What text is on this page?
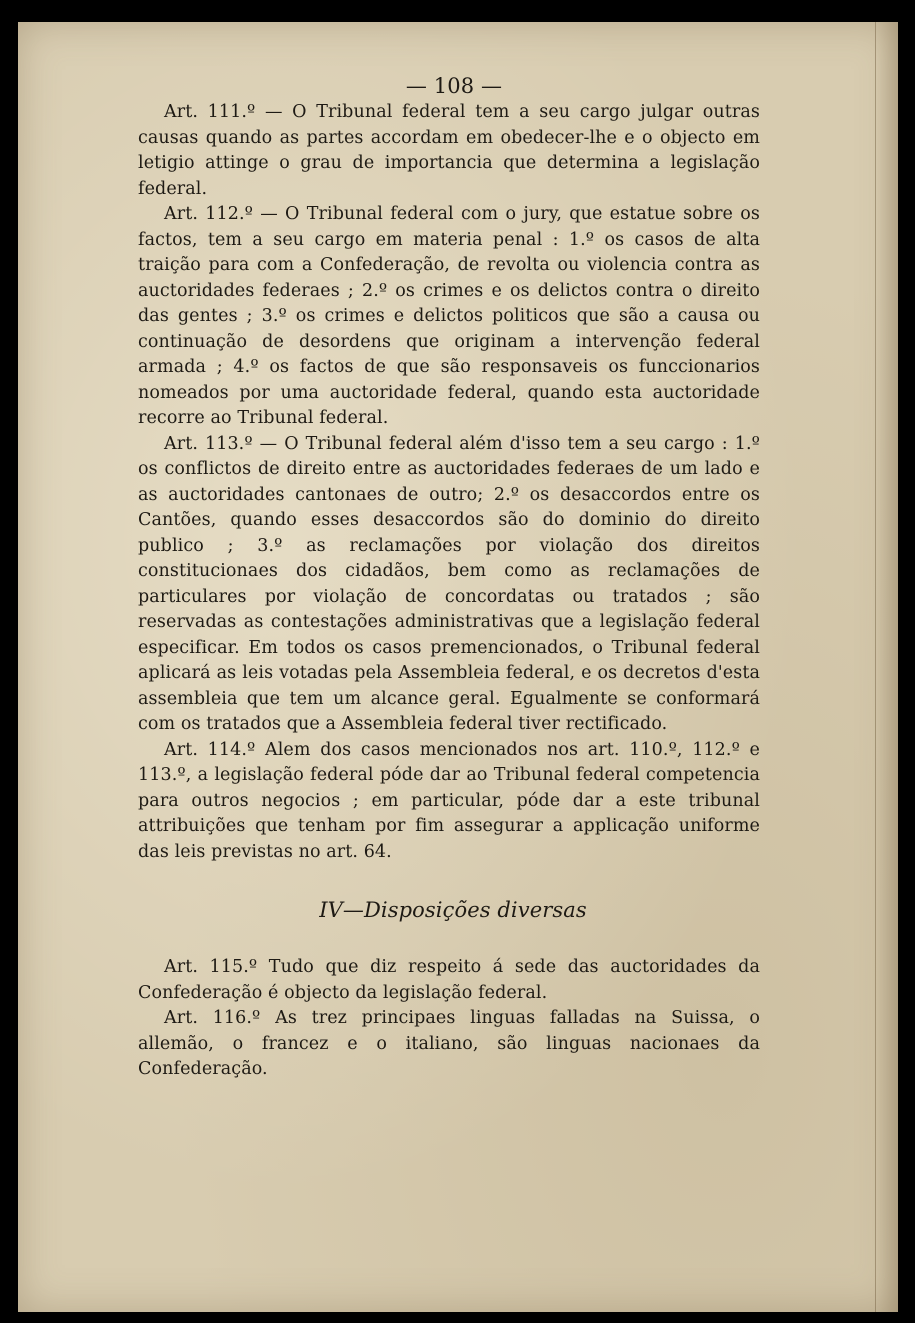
— 108 —

Art. 111.º — O Tribunal federal tem a seu cargo julgar outras causas quando as partes accordam em obedecer-lhe e o objecto em letigio attinge o grau de importancia que determina a legislação federal.

Art. 112.º — O Tribunal federal com o jury, que estatue sobre os factos, tem a seu cargo em materia penal : 1.º os casos de alta traição para com a Confederação, de revolta ou violencia contra as auctoridades federaes ; 2.º os crimes e os delictos contra o direito das gentes ; 3.º os crimes e delictos politicos que são a causa ou continuação de desordens que originam a intervenção federal armada ; 4.º os factos de que são responsaveis os funccionarios nomeados por uma auctoridade federal, quando esta auctoridade recorre ao Tribunal federal.

Art. 113.º — O Tribunal federal além d'isso tem a seu cargo : 1.º os conflictos de direito entre as auctoridades federaes de um lado e as auctoridades cantonaes de outro; 2.º os desaccordos entre os Cantões, quando esses desaccordos são do dominio do direito publico ; 3.º as reclamações por violação dos direitos constitucionaes dos cidadãos, bem como as reclamações de particulares por violação de concordatas ou tratados ; são reservadas as contestações administrativas que a legislação federal especificar. Em todos os casos premencionados, o Tribunal federal aplicará as leis votadas pela Assembleia federal, e os decretos d'esta assembleia que tem um alcance geral. Egualmente se conformará com os tratados que a Assembleia federal tiver rectificado.

Art. 114.º Alem dos casos mencionados nos art. 110.º, 112.º e 113.º, a legislação federal póde dar ao Tribunal federal competencia para outros negocios ; em particular, póde dar a este tribunal attribuições que tenham por fim assegurar a applicação uniforme das leis previstas no art. 64.

IV—Disposições diversas

Art. 115.º Tudo que diz respeito á sede das auctoridades da Confederação é objecto da legislação federal.

Art. 116.º As trez principaes linguas falladas na Suissa, o allemão, o francez e o italiano, são linguas nacionaes da Confederação.
